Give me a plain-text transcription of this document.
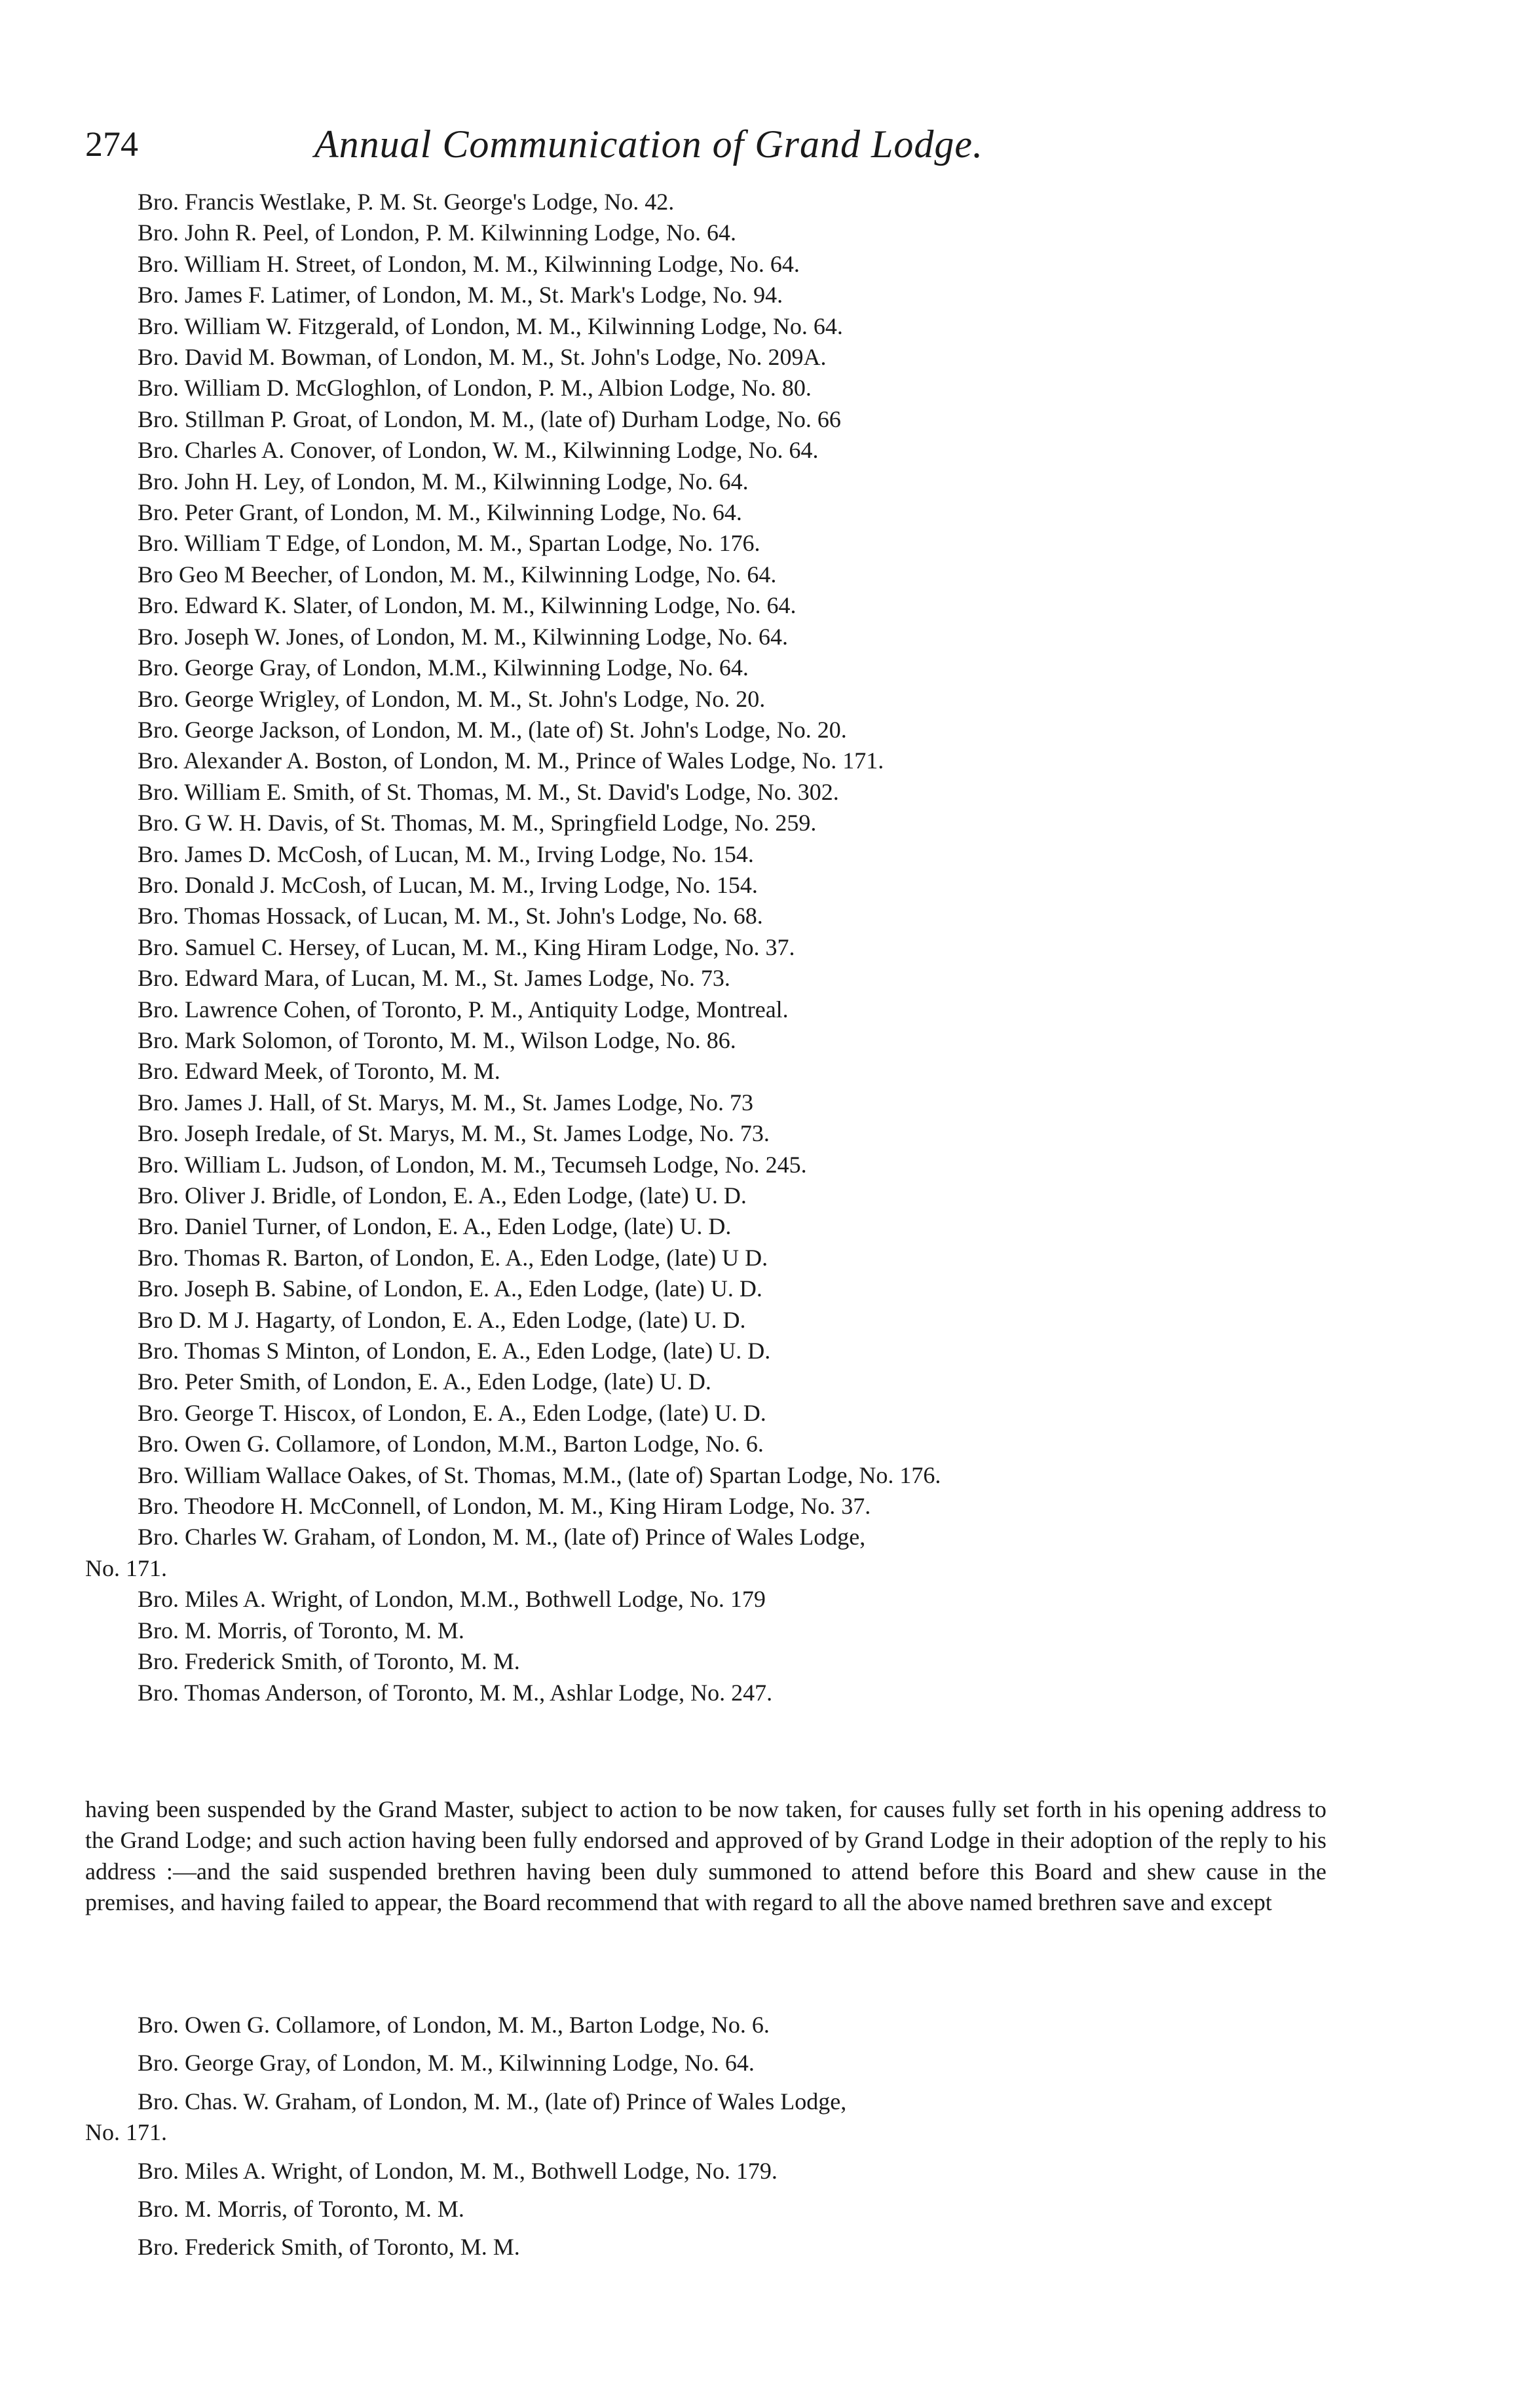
274	Annual Communication of Grand Lodge.
Bro. Francis Westlake, P. M. St. George's Lodge, No. 42.
Bro. John R. Peel, of London, P. M. Kilwinning Lodge, No. 64.
Bro. William H. Street, of London, M. M., Kilwinning Lodge, No. 64.
Bro. James F. Latimer, of London, M. M., St. Mark's Lodge, No. 94.
Bro. William W. Fitzgerald, of London, M. M., Kilwinning Lodge, No. 64.
Bro. David M. Bowman, of London, M. M., St. John's Lodge, No. 209A.
Bro. William D. McGloghlon, of London, P. M., Albion Lodge, No. 80.
Bro. Stillman P. Groat, of London, M. M., (late of) Durham Lodge, No. 66
Bro. Charles A. Conover, of London, W. M., Kilwinning Lodge, No. 64.
Bro. John H. Ley, of London, M. M., Kilwinning Lodge, No. 64.
Bro. Peter Grant, of London, M. M., Kilwinning Lodge, No. 64.
Bro. William T Edge, of London, M. M., Spartan Lodge, No. 176.
Bro Geo M Beecher, of London, M. M., Kilwinning Lodge, No. 64.
Bro. Edward K. Slater, of London, M. M., Kilwinning Lodge, No. 64.
Bro. Joseph W. Jones, of London, M. M., Kilwinning Lodge, No. 64.
Bro. George Gray, of London, M.M., Kilwinning Lodge, No. 64.
Bro. George Wrigley, of London, M. M., St. John's Lodge, No. 20.
Bro. George Jackson, of London, M. M., (late of) St. John's Lodge, No. 20.
Bro. Alexander A. Boston, of London, M. M., Prince of Wales Lodge, No. 171.
Bro. William E. Smith, of St. Thomas, M. M., St. David's Lodge, No. 302.
Bro. G W. H. Davis, of St. Thomas, M. M., Springfield Lodge, No. 259.
Bro. James D. McCosh, of Lucan, M. M., Irving Lodge, No. 154.
Bro. Donald J. McCosh, of Lucan, M. M., Irving Lodge, No. 154.
Bro. Thomas Hossack, of Lucan, M. M., St. John's Lodge, No. 68.
Bro. Samuel C. Hersey, of Lucan, M. M., King Hiram Lodge, No. 37.
Bro. Edward Mara, of Lucan, M. M., St. James Lodge, No. 73.
Bro. Lawrence Cohen, of Toronto, P. M., Antiquity Lodge, Montreal.
Bro. Mark Solomon, of Toronto, M. M., Wilson Lodge, No. 86.
Bro. Edward Meek, of Toronto, M. M.
Bro. James J. Hall, of St. Marys, M. M., St. James Lodge, No. 73
Bro. Joseph Iredale, of St. Marys, M. M., St. James Lodge, No. 73.
Bro. William L. Judson, of London, M. M., Tecumseh Lodge, No. 245.
Bro. Oliver J. Bridle, of London, E. A., Eden Lodge, (late) U. D.
Bro. Daniel Turner, of London, E. A., Eden Lodge, (late) U. D.
Bro. Thomas R. Barton, of London, E. A., Eden Lodge, (late) U D.
Bro. Joseph B. Sabine, of London, E. A., Eden Lodge, (late) U. D.
Bro D. M J. Hagarty, of London, E. A., Eden Lodge, (late) U. D.
Bro. Thomas S Minton, of London, E. A., Eden Lodge, (late) U. D.
Bro. Peter Smith, of London, E. A., Eden Lodge, (late) U. D.
Bro. George T. Hiscox, of London, E. A., Eden Lodge, (late) U. D.
Bro. Owen G. Collamore, of London, M.M., Barton Lodge, No. 6.
Bro. William Wallace Oakes, of St. Thomas, M.M., (late of) Spartan Lodge, No. 176.
Bro. Theodore H. McConnell, of London, M. M., King Hiram Lodge, No. 37.
Bro. Charles W. Graham, of London, M. M., (late of) Prince of Wales Lodge,
No. 171.
Bro. Miles A. Wright, of London, M.M., Bothwell Lodge, No. 179
Bro. M. Morris, of Toronto, M. M.
Bro. Frederick Smith, of Toronto, M. M.
Bro. Thomas Anderson, of Toronto, M. M., Ashlar Lodge, No. 247.

having been suspended by the Grand Master, subject to action to be now taken, for causes fully set forth in his opening address to the Grand Lodge; and such action having been fully endorsed and approved of by Grand Lodge in their adoption of the reply to his address :—and the said suspended brethren having been duly summoned to attend before this Board and shew cause in the premises, and having failed to appear, the Board recommend that with regard to all the above named brethren save and except

Bro. Owen G. Collamore, of London, M. M., Barton Lodge, No. 6.
Bro. George Gray, of London, M. M., Kilwinning Lodge, No. 64.
Bro. Chas. W. Graham, of London, M. M., (late of) Prince of Wales Lodge,
No. 171.
Bro. Miles A. Wright, of London, M. M., Bothwell Lodge, No. 179.
Bro. M. Morris, of Toronto, M. M.
Bro. Frederick Smith, of Toronto, M. M.
